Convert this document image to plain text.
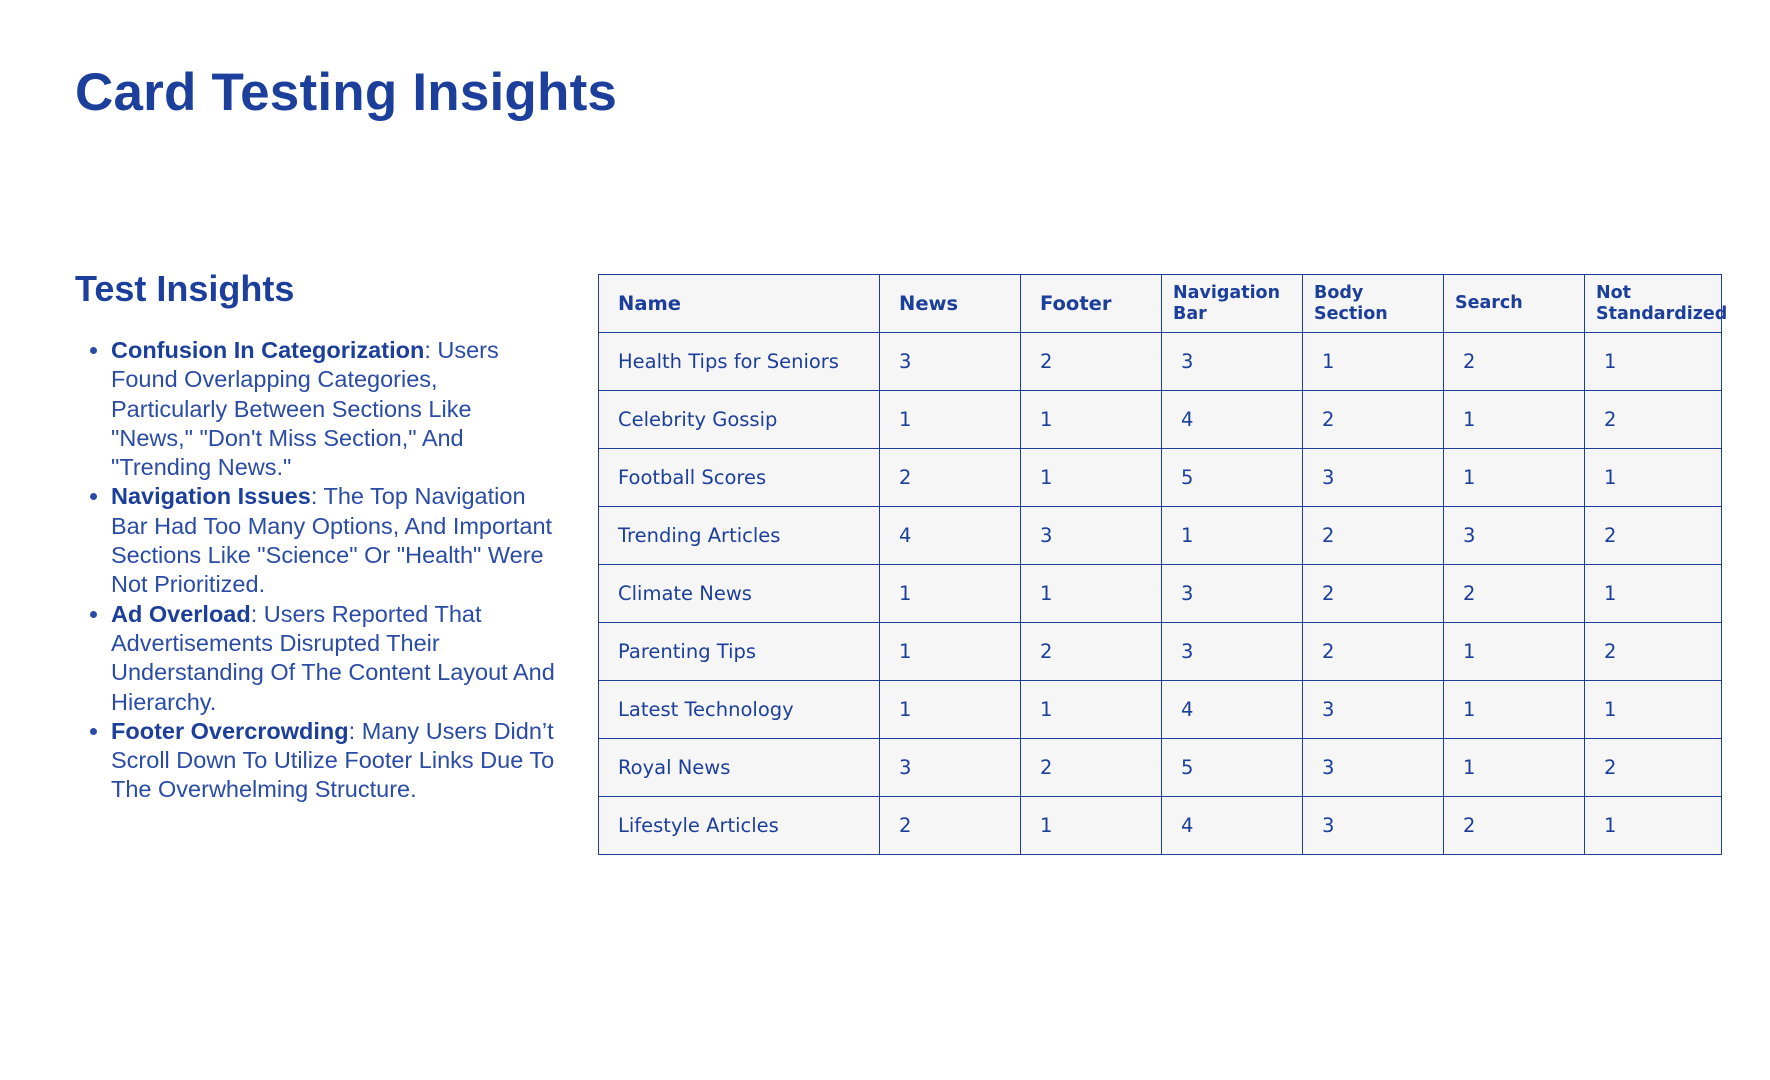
Card Testing Insights
Test Insights
• Confusion In Categorization: Users Found Overlapping Categories, Particularly Between Sections Like "News," "Don't Miss Section," And "Trending News."
• Navigation Issues: The Top Navigation Bar Had Too Many Options, And Important Sections Like "Science" Or "Health" Were Not Prioritized.
• Ad Overload: Users Reported That Advertisements Disrupted Their Understanding Of The Content Layout And Hierarchy.
• Footer Overcrowding: Many Users Didn’t Scroll Down To Utilize Footer Links Due To The Overwhelming Structure.
Name	News	Footer	Navigation Bar	Body Section	Search	Not Standardized
Health Tips for Seniors	3	2	3	1	2	1
Celebrity Gossip	1	1	4	2	1	2
Football Scores	2	1	5	3	1	1
Trending Articles	4	3	1	2	3	2
Climate News	1	1	3	2	2	1
Parenting Tips	1	2	3	2	1	2
Latest Technology	1	1	4	3	1	1
Royal News	3	2	5	3	1	2
Lifestyle Articles	2	1	4	3	2	1
